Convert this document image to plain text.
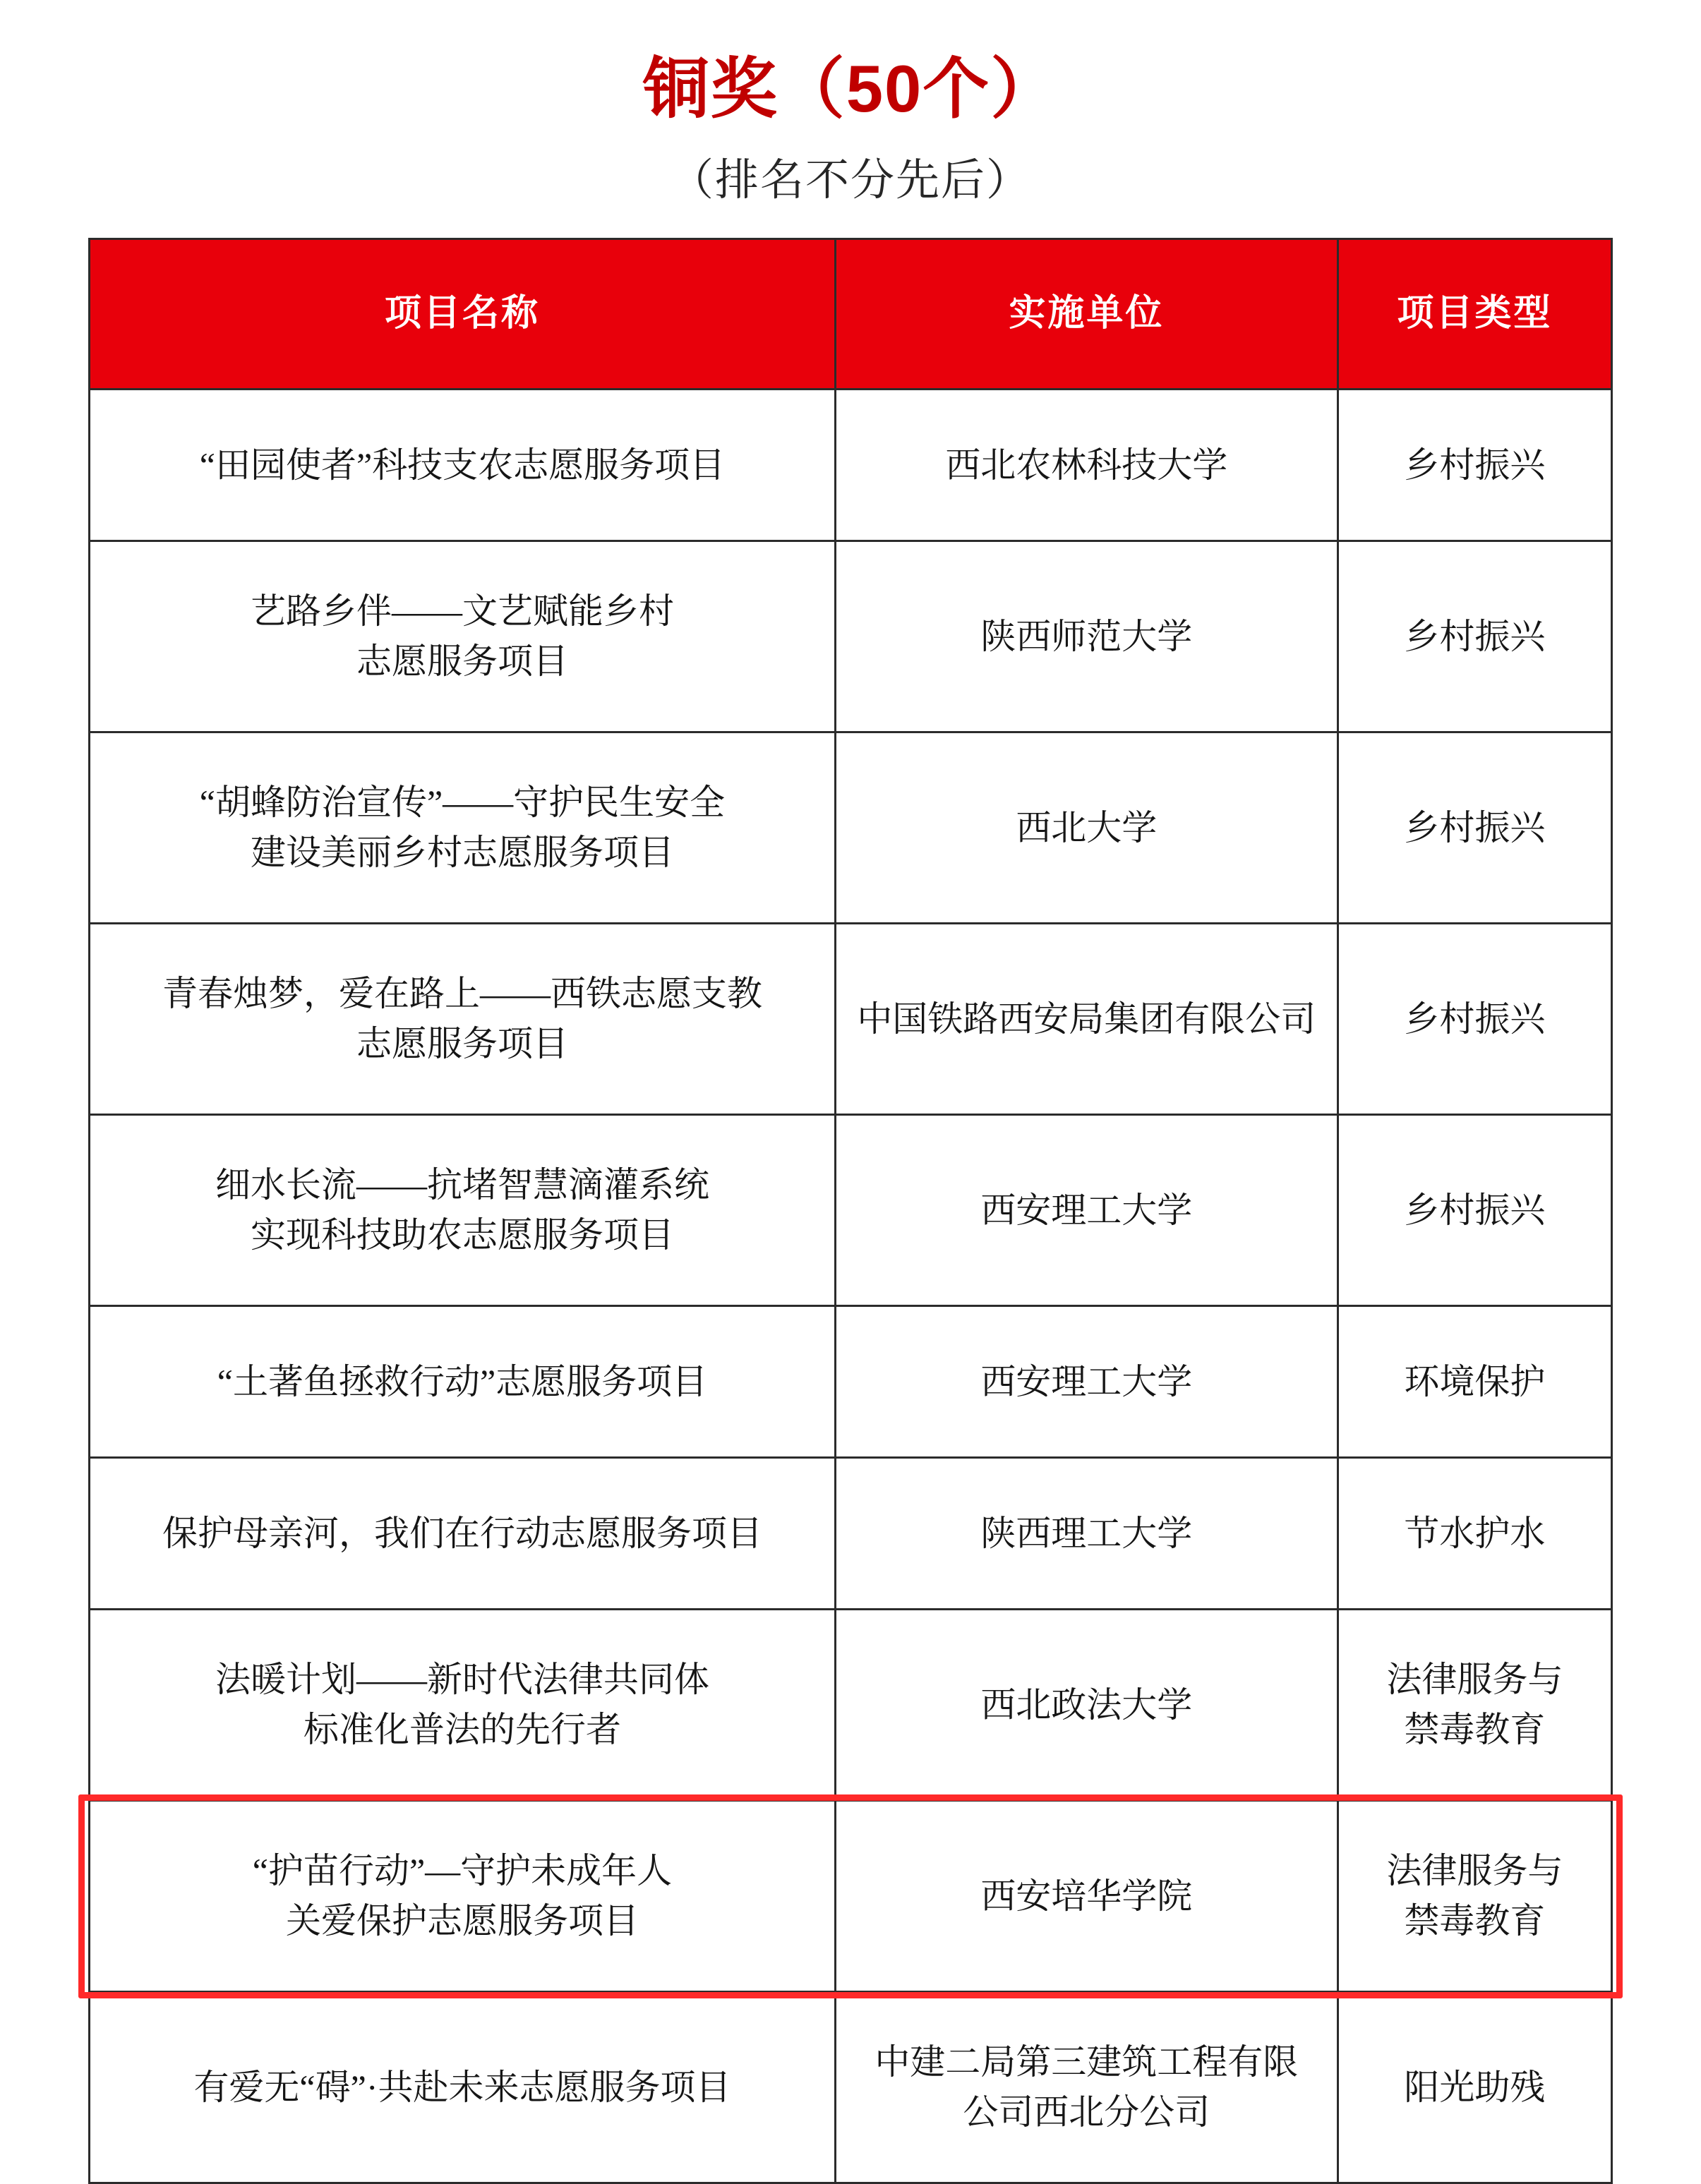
铜奖（50个）
（排名不分先后）
项目名称	实施单位	项目类型

“田园使者”科技支农志愿服务项目	西北农林科技大学	乡村振兴

艺路乡伴——文艺赋能乡村
志愿服务项目	陕西师范大学	乡村振兴

“胡蜂防治宣传”——守护民生安全
建设美丽乡村志愿服务项目	西北大学	乡村振兴

青春烛梦，爱在路上——西铁志愿支教
志愿服务项目	中国铁路西安局集团有限公司	乡村振兴

细水长流——抗堵智慧滴灌系统
实现科技助农志愿服务项目	西安理工大学	乡村振兴

“土著鱼拯救行动”志愿服务项目	西安理工大学	环境保护

保护母亲河，我们在行动志愿服务项目	陕西理工大学	节水护水

法暖计划——新时代法律共同体
标准化普法的先行者	西北政法大学	法律服务与
禁毒教育

“护苗行动”—守护未成年人
关爱保护志愿服务项目	西安培华学院	法律服务与
禁毒教育

有爱无“碍”·共赴未来志愿服务项目	中建二局第三建筑工程有限
公司西北分公司	阳光助残
